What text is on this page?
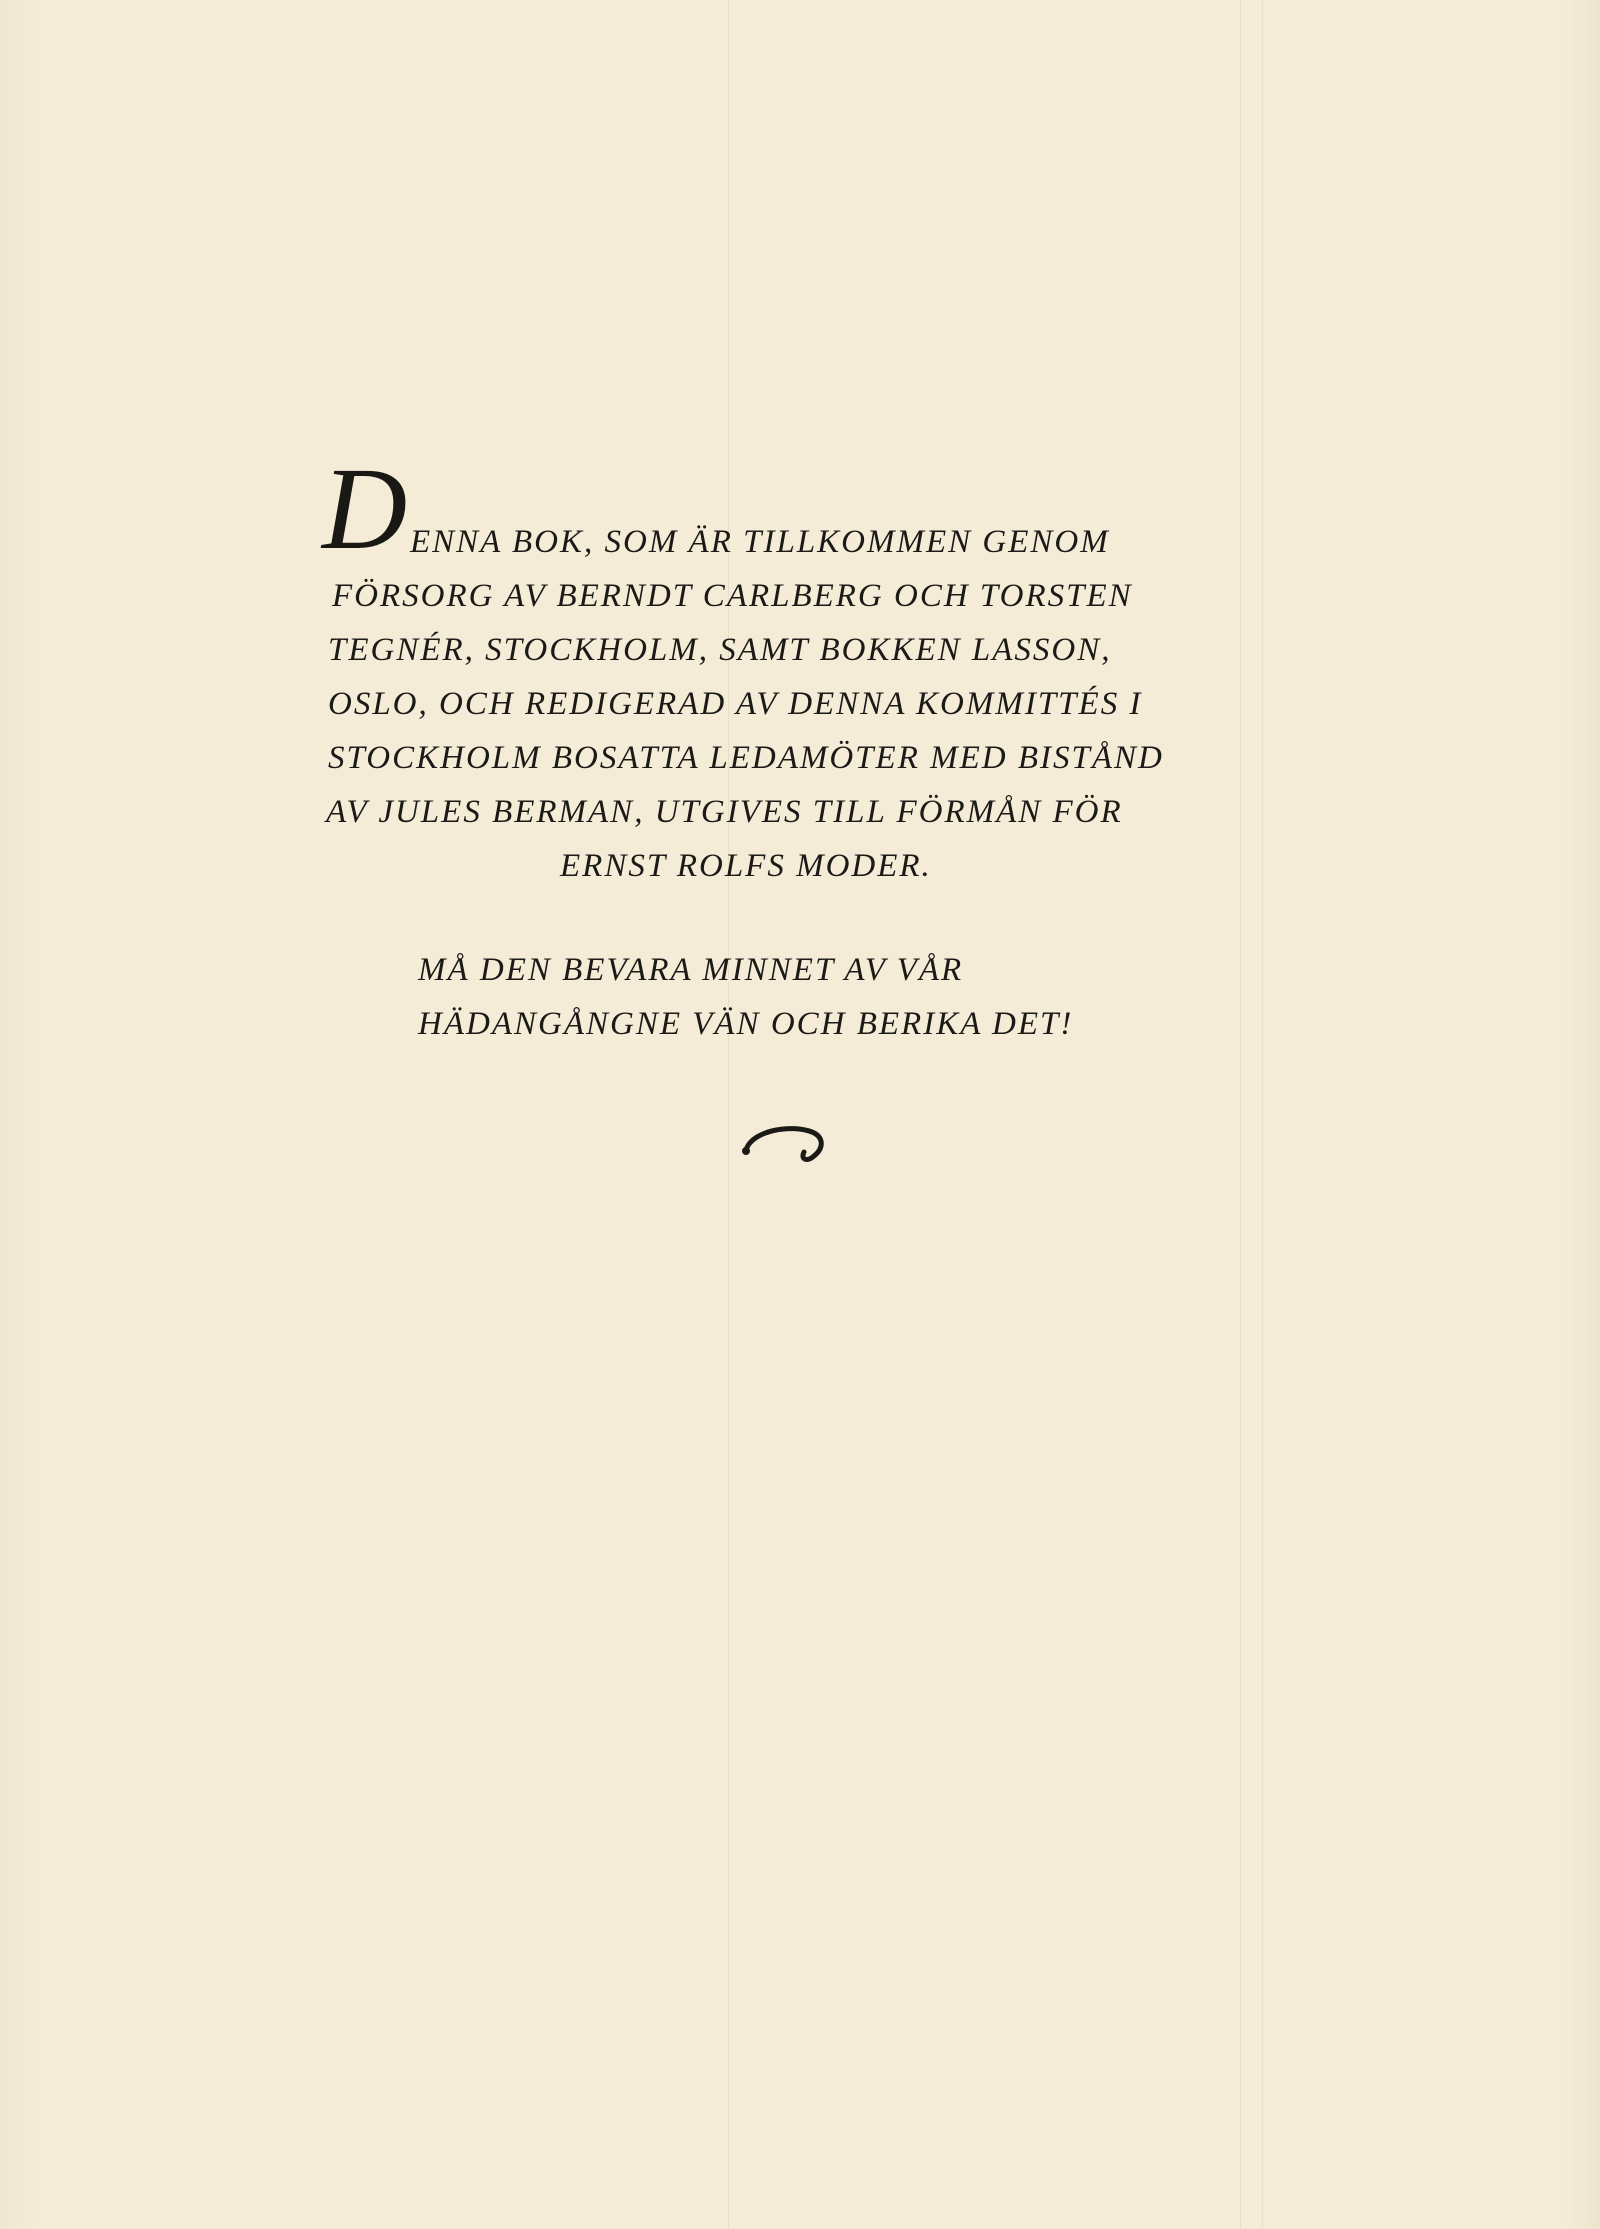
D ENNA BOK, SOM ÄR TILLKOMMEN GENOM
FÖRSORG AV BERNDT CARLBERG OCH TORSTEN
TEGNÉR, STOCKHOLM, SAMT BOKKEN LASSON,
OSLO, OCH REDIGERAD AV DENNA KOMMITTÉS I
STOCKHOLM BOSATTA LEDAMÖTER MED BISTÅND
AV JULES BERMAN, UTGIVES TILL FÖRMÅN FÖR
ERNST ROLFS MODER.
MÅ DEN BEVARA MINNET AV VÅR
HÄDANGÅNGNE VÄN OCH BERIKA DET!
